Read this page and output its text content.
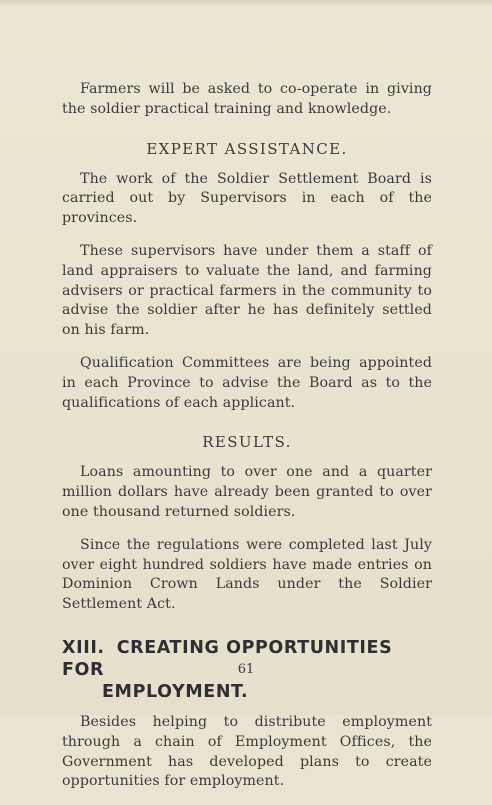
Farmers will be asked to co-operate in giving the soldier practical training and knowledge.

EXPERT ASSISTANCE.

The work of the Soldier Settlement Board is carried out by Supervisors in each of the provinces.

These supervisors have under them a staff of land appraisers to valuate the land, and farming advisers or practical farmers in the community to advise the soldier after he has definitely settled on his farm.

Qualification Committees are being appointed in each Province to advise the Board as to the qualifications of each applicant.

RESULTS.

Loans amounting to over one and a quarter million dollars have already been granted to over one thousand returned soldiers.

Since the regulations were completed last July over eight hundred soldiers have made entries on Dominion Crown Lands under the Soldier Settlement Act.

XIII. CREATING OPPORTUNITIES FOR
EMPLOYMENT.

Besides helping to distribute employment through a chain of Employment Offices, the Government has developed plans to create opportunities for employment.

61
